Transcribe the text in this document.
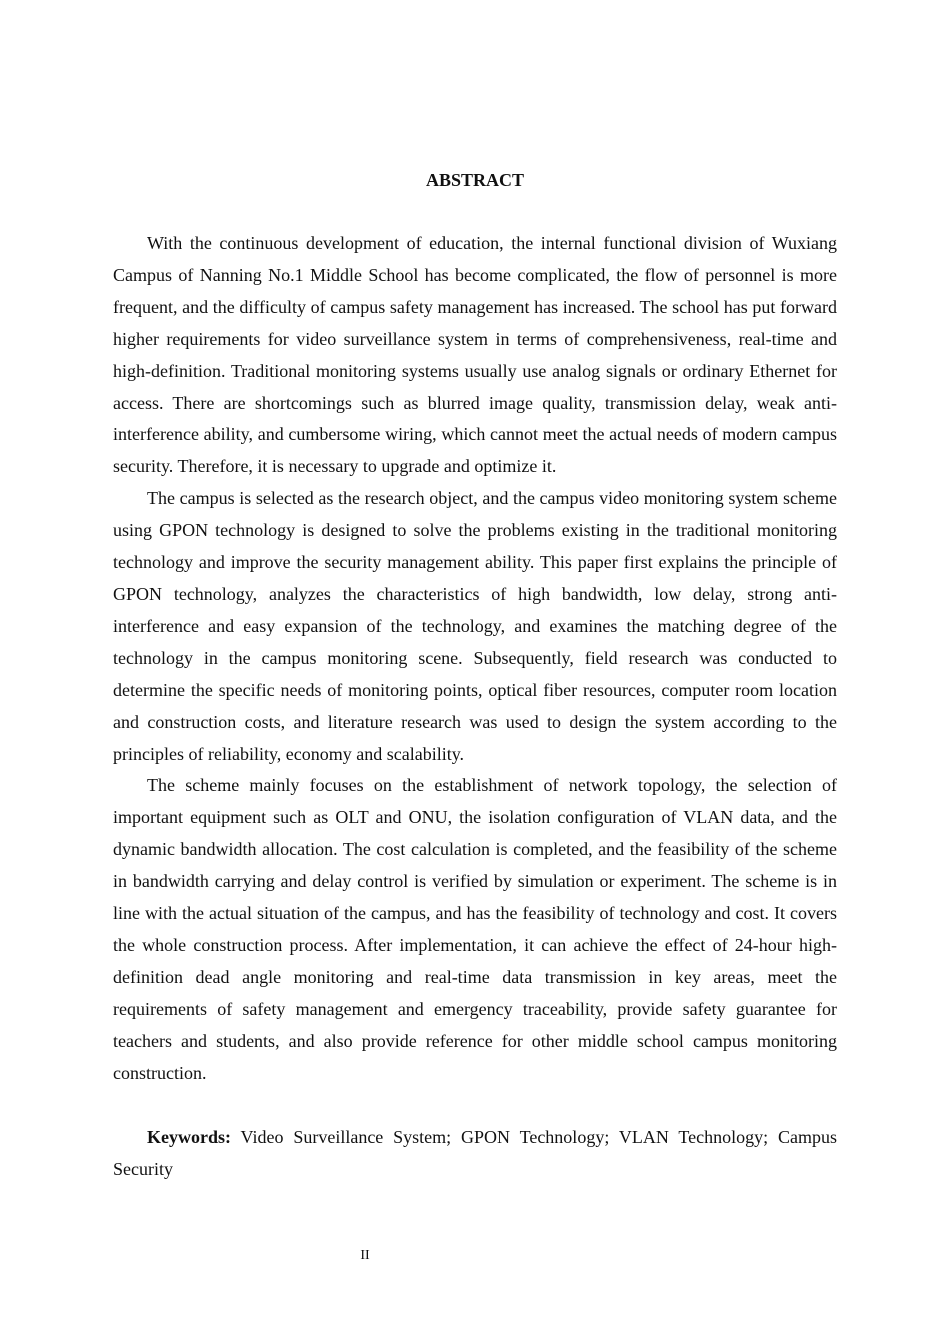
ABSTRACT

With the continuous development of education, the internal functional division of Wuxiang Campus of Nanning No.1 Middle School has become complicated, the flow of personnel is more frequent, and the difficulty of campus safety management has increased. The school has put forward higher requirements for video surveillance system in terms of comprehensiveness, real-time and high-definition. Traditional monitoring systems usually use analog signals or ordinary Ethernet for access. There are shortcomings such as blurred image quality, transmission delay, weak anti-interference ability, and cumbersome wiring, which cannot meet the actual needs of modern campus security. Therefore, it is necessary to upgrade and optimize it.

The campus is selected as the research object, and the campus video monitoring system scheme using GPON technology is designed to solve the problems existing in the traditional monitoring technology and improve the security management ability. This paper first explains the principle of GPON technology, analyzes the characteristics of high bandwidth, low delay, strong anti-interference and easy expansion of the technology, and examines the matching degree of the technology in the campus monitoring scene. Subsequently, field research was conducted to determine the specific needs of monitoring points, optical fiber resources, computer room location and construction costs, and literature research was used to design the system according to the principles of reliability, economy and scalability.

The scheme mainly focuses on the establishment of network topology, the selection of important equipment such as OLT and ONU, the isolation configuration of VLAN data, and the dynamic bandwidth allocation. The cost calculation is completed, and the feasibility of the scheme in bandwidth carrying and delay control is verified by simulation or experiment. The scheme is in line with the actual situation of the campus, and has the feasibility of technology and cost. It covers the whole construction process. After implementation, it can achieve the effect of 24-hour high-definition dead angle monitoring and real-time data transmission in key areas, meet the requirements of safety management and emergency traceability, provide safety guarantee for teachers and students, and also provide reference for other middle school campus monitoring construction.

Keywords: Video Surveillance System; GPON Technology; VLAN Technology; Campus Security
II
